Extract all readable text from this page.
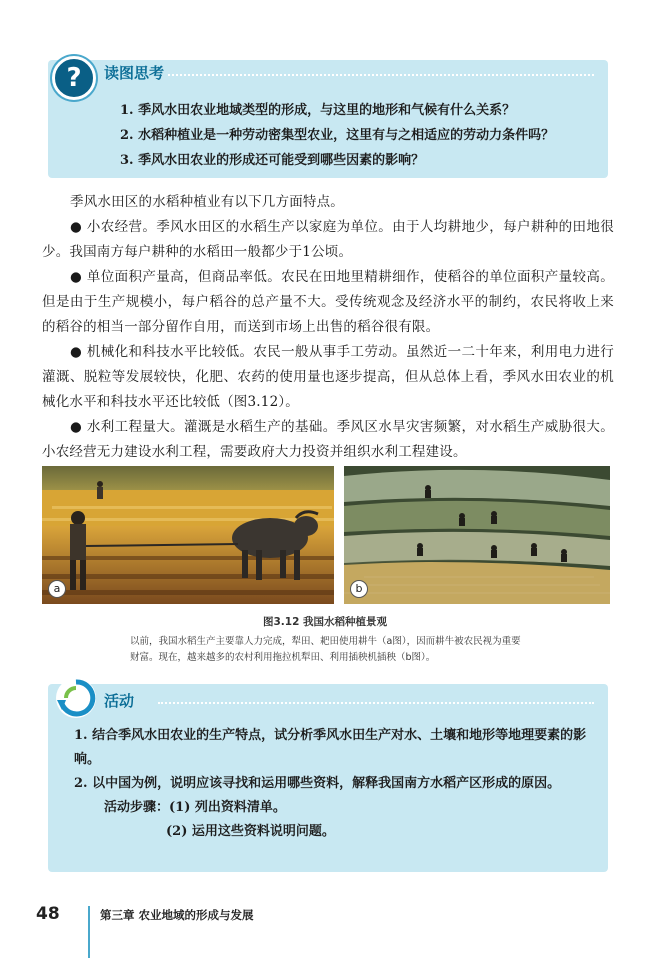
?	读图思考
1. 季风水田农业地域类型的形成，与这里的地形和气候有什么关系？
2. 水稻种植业是一种劳动密集型农业，这里有与之相适应的劳动力条件吗？
3. 季风水田农业的形成还可能受到哪些因素的影响？

季风水田区的水稻种植业有以下几方面特点。

● 小农经营。季风水田区的水稻生产以家庭为单位。由于人均耕地少，每户耕种的田地很少。我国南方每户耕种的水稻田一般都少于1公顷。

● 单位面积产量高，但商品率低。农民在田地里精耕细作，使稻谷的单位面积产量较高。但是由于生产规模小，每户稻谷的总产量不大。受传统观念及经济水平的制约，农民将收上来的稻谷的相当一部分留作自用，而送到市场上出售的稻谷很有限。

● 机械化和科技水平比较低。农民一般从事手工劳动。虽然近一二十年来，利用电力进行灌溉、脱粒等发展较快，化肥、农药的使用量也逐步提高，但从总体上看，季风水田农业的机械化水平和科技水平还比较低（图3.12）。

● 水利工程量大。灌溉是水稻生产的基础。季风区水旱灾害频繁，对水稻生产威胁很大。小农经营无力建设水利工程，需要政府大力投资并组织水利工程建设。

a	b
图3.12 我国水稻种植景观
以前，我国水稻生产主要靠人力完成，犁田、耙田使用耕牛（a图），因而耕牛被农民视为重要财富。现在，越来越多的农村利用拖拉机犁田、利用插秧机插秧（b图）。
活动

1. 结合季风水田农业的生产特点，试分析季风水田生产对水、土壤和地形等地理要素的影响。

2. 以中国为例，说明应该寻找和运用哪些资料，解释我国南方水稻产区形成的原因。

活动步骤：(1) 列出资料清单。

(2) 运用这些资料说明问题。

48	第三章 农业地域的形成与发展
